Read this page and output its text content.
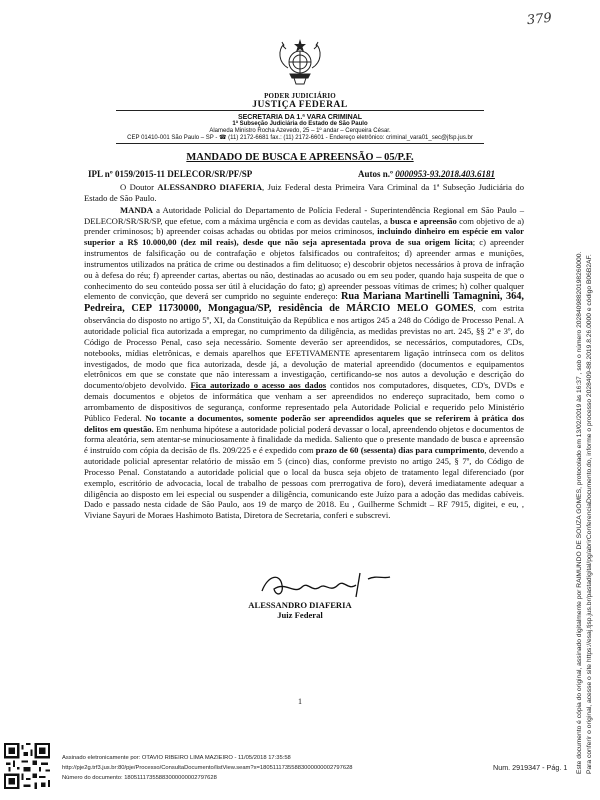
379
PODER JUDICIÁRIO
JUSTIÇA FEDERAL
SECRETARIA DA 1.ª VARA CRIMINAL
1ª Subseção Judiciária do Estado de São Paulo
Alameda Ministro Rocha Azevedo, 25 – 1º andar – Cerqueira César.
CEP 01410-001 São Paulo – SP - ☎ (11) 2172-6681 fax.: (11) 2172-6601 - Endereço eletrônico: criminal_vara01_sec@jfsp.jus.br
MANDADO DE BUSCA E APREENSÃO – 05/P.F.
IPL nº 0159/2015-11 DELECOR/SR/PF/SP	Autos n.º 0000953-93.2018.403.6181

O Doutor ALESSANDRO DIAFERIA, Juiz Federal desta Primeira Vara Criminal da 1ª Subseção Judiciária do Estado de São Paulo.

MANDA a Autoridade Policial do Departamento de Polícia Federal - Superintendência Regional em São Paulo – DELECOR/SR/SR/SP, que efetue, com a máxima urgência e com as devidas cautelas, a busca e apreensão com objetivo de a) prender criminosos; b) apreender coisas achadas ou obtidas por meios criminosos, incluindo dinheiro em espécie em valor superior a R$ 10.000,00 (dez mil reais), desde que não seja apresentada prova de sua origem lícita; c) apreender instrumentos de falsificação ou de contrafação e objetos falsificados ou contrafeitos; d) apreender armas e munições, instrumentos utilizados na prática de crime ou destinados a fim delituoso; e) descobrir objetos necessários à prova de infração ou à defesa do réu; f) apreender cartas, abertas ou não, destinadas ao acusado ou em seu poder, quando haja suspeita de que o conhecimento do seu conteúdo possa ser útil à elucidação do fato; g) apreender pessoas vítimas de crimes; h) colher qualquer elemento de convicção, que deverá ser cumprido no seguinte endereço: Rua Mariana Martinelli Tamagnini, 364, Pedreira, CEP 11730000, Mongagua/SP, residência de MÁRCIO MELO GOMES, com estrita observância do disposto no artigo 5º, XI, da Constituição da República e nos artigos 245 a 248 do Código de Processo Penal. A autoridade policial fica autorizada a empregar, no cumprimento da diligência, as medidas previstas no art. 245, §§ 2º e 3º, do Código de Processo Penal, caso seja necessário. Somente deverão ser apreendidos, se necessários, computadores, CDs, notebooks, mídias eletrônicas, e demais aparelhos que EFETIVAMENTE apresentarem ligação intrínseca com os delitos investigados, de modo que fica autorizada, desde já, a devolução de material apreendido (documentos e equipamentos eletrônicos em que se constate que não interessam a investigação, certificando-se nos autos a devolução e descrição do documento/objeto devolvido. Fica autorizado o acesso aos dados contidos nos computadores, disquetes, CD's, DVDs e demais documentos e objetos de informática que venham a ser apreendidos no endereço supracitado, bem como o arrombamento de dispositivos de segurança, conforme representado pela Autoridade Policial e requerido pelo Ministério Público Federal. No tocante a documentos, somente poderão ser apreendidos aqueles que se referirem à prática dos delitos em questão. Em nenhuma hipótese a autoridade policial poderá devassar o local, apreendendo objetos e documentos de forma aleatória, sem atentar-se minuciosamente à finalidade da medida. Saliento que o presente mandado de busca e apreensão é instruído com cópia da decisão de fls. 209/225 e é expedido com prazo de 60 (sessenta) dias para cumprimento, devendo a autoridade policial apresentar relatório de missão em 5 (cinco) dias, conforme previsto no artigo 245, § 7º, do Código de Processo Penal. Constatando a autoridade policial que o local da busca seja objeto de tratamento legal diferenciado (por exemplo, escritório de advocacia, local de trabalho de pessoas com prerrogativa de foro), deverá imediatamente adequar a diligência ao disposto em lei especial ou suspender a diligência, comunicando este Juízo para a adoção das medidas cabíveis. Dado e passado nesta cidade de São Paulo, aos 19 de março de 2018. Eu , Guilherme Schmidt – RF 7915, digitei, e eu, , Viviane Sayuri de Moraes Hashimoto Batista, Diretora de Secretaria, conferi e subscrevi.

ALESSANDRO DIAFERIA
Juiz Federal
1
Assinado eletronicamente por: OTAVIO RIBEIRO LIMA MAZIEIRO - 11/05/2018 17:35:58
http://pje2g.trf3.jus.br:80/pje/Processo/ConsultaDocumento/listView.seam?x=18051117355883000000002797628
Número do documento: 18051117355883000000002797628
Num. 2919347 - Pág. 1 Este documento é cópia do original, assinado digitalmente por RAIMUNDO DE SOUZA GOMES, protocolado em 13/02/2019 às 16:37 , sob o número 20284098820198260000. Para conferir o original, acesse o site https://esaj.tjsp.jus.br/pastadigital/pg/abrirConferenciaDocumento.do, informe o processo 2028409-88.2019.8.26.0000 e código B06B2AF.
